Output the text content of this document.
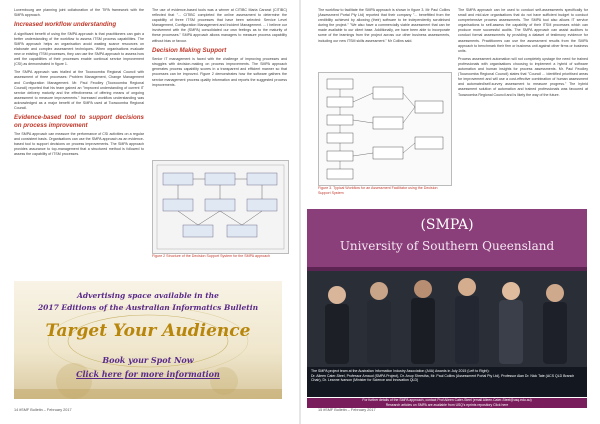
Luxembourg are planning joint collaboration of the TIPA framework with the SMPA approach.

Increased workflow understanding

A significant benefit of using the SMPA approach is that practitioners can gain a better understanding of the workflow to assess ITSM process capabilities. The SMPA approach helps an organisation avoid wasting scarce resources on elaborate and complex assessment techniques. When organisations evaluate new or existing ITSM processes, they can use the SMPA approach to assess how well the capabilities of their processes enable continual service improvement (CSI) as demonstrated in figure 1.

The SMPA approach was trialled at the Toowoomba Regional Council with assessment of three processes: Problem Management, Change Management and Configuration Management. Mr. Paul Feodley (Toowoomba Regional Council) reported that his team gained an "improved understanding of current IT service delivery maturity and the effectiveness of offering means of ongoing assessment to measure improvements." Increased workflow understanding was acknowledged as a major benefit of the SMPA used at Toowoomba Regional Council.

Evidence-based tool to support decisions on process improvement

The SMPA approach can measure the performance of CSI activities on a regular and consistent basis. Organisations can use the SMPA approach as an evidence-based tool to support decisions on process improvements. The SMPA approach provides assurance to top-management that a structured method is followed to assess the capability of ITSM processes.

The use of evidence-based tools was a winner at CITIBC Maria Caranzi (CITIBC) reflected that "... CITIBC completed the online assessment to determine the capability of three ITSM processes that have been selected: Service Level Management, Configuration Management and Incident Management. ... I believe our involvement with the (SMPA) consolidated our own feelings as to the maturity of these processes." SMPA approach allows managers to measure process capability without bias or favour.

Decision Making Support

Senior IT management is faced with the challenge of improving processes and struggles with decision-making on process improvements. The SMPA approach generates process capability scores in a transparent and efficient manner so that processes can be improved. Figure 2 demonstrates how the software gathers the service management process quality information and reports the suggested process improvements.

Figure 2 Structure of the Decision Support System for the SMPA approach
Advertising space available in the
2017 Editions of the Australian Informatics Bulletin
Target Your Audience
Book your Spot Now
Click here for more information
14 itSMF Bulletin – February 2017

The workflow to facilitate the SMPA approach is shown in figure 3. Mr Paul Collins (Assessment Portal Pty Ltd) reported that their company "... benefitted from the credibility achieved by allowing (their) software to be independently scrutinised during the project." "We also have a commercially viable assessment that can be made available to our client base. Additionally, we have been able to incorporate some of the learnings from the project across our other business assessments, including our new ITSM skills assessment." Mr Collins said.

Figure 3. Typical Workflow for an Assessment Facilitator using the Decision Support System

The SMPA approach can be used to conduct self-assessments specifically for small and mid-size organisations that do not have sufficient budget to conduct comprehensive process assessments. The SMPA tool also allows IT service organisations to self-assess the capability of their ITSM processes which can produce more successful audits. The SMPA approach can assist auditors to conduct formal assessments by providing a dataset of testimony evidence for assessments. Practitioners can use the assessment results from the SMPA approach to benchmark their firm or business unit against other firms or business units.

Process assessment automation will not completely upstage the need for trained professionals with organisations choosing to implement a hybrid of software automation and human insights for process assessments. Mr. Paul Feodley (Toowoomba Regional Council) states that "Council ... identified prioritised areas for improvement and will use a cost-effective combination of human assessment and automated/self-survey assessment to measure progress." The hybrid assessment solution of automation and trained professionals was favoured at Toowoomba Regional Council and is likely the way of the future.

(SMPA)
University of Southern Queensland
The SMPA project team at the Australian Information Industry Association (AIIA) Awards in July 2015 (Left to Right):
Dr. Aileen Cater-Steel, Professor Arnaud (SMPA Project), Dr. Anup Shrestha, Mr. Paul Collins (Assessment Portal Pty Ltd), Professor Alan Dr. Nick Tate (ACS QLD Branch Chair), Dr. Leanne Ivarson (Minister for Science and Innovation QLD)
For further details of the SMPA approach, contact Prof Aileen Cater-Steel (email Aileen.Cater-Steel@usq.edu.au)
Research articles on SMPA are available from USQ's eprints repository Click here
15 itSMF Bulletin – February 2017
